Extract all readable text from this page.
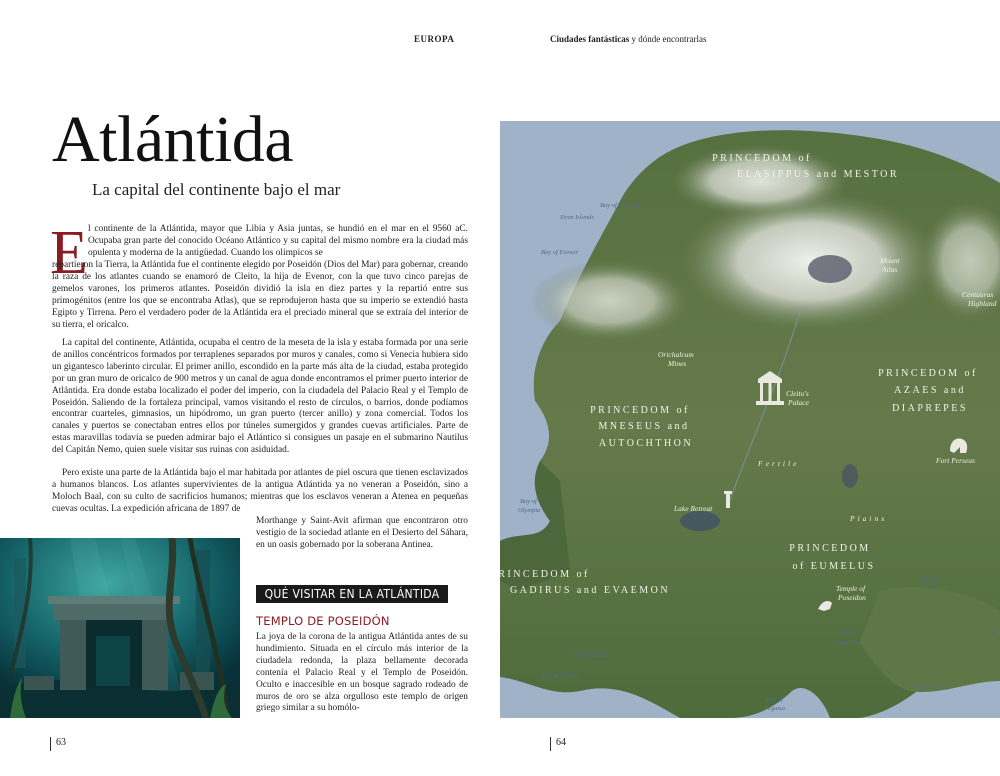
EUROPA	Ciudades fantásticas y dónde encontrarlas
Atlántida
La capital del continente bajo el mar
E l continente de la Atlántida, mayor que Libia y Asia juntas, se hundió en el mar en el 9560 aC. Ocupaba gran parte del conocido Océano Atlántico y su capital del mismo nombre era la ciudad más opulenta y moderna de la antigüedad. Cuando los olímpicos se
repartieron la Tierra, la Atlántida fue el continente elegido por Poseidón (Dios del Mar) para gobernar, creando la raza de los atlantes cuando se enamoró de Cleito, la hija de Evenor, con la que tuvo cinco parejas de gemelos varones, los primeros atlantes. Poseidón dividió la isla en diez partes y la repartió entre sus primogénitos (entre los que se encontraba Atlas), que se reprodujeron hasta que su imperio se extendió hasta Egipto y Tirrena. Pero el verdadero poder de la Atlántida era el preciado mineral que se extraía del interior de su tierra, el oricalco.
La capital del continente, Atlántida, ocupaba el centro de la meseta de la isla y estaba formada por una serie de anillos concéntricos formados por terraplenes separados por muros y canales, como si Venecia hubiera sido un gigantesco laberinto circular. El primer anillo, escondido en la parte más alta de la ciudad, estaba protegido por un gran muro de oricalco de 900 metros y un canal de agua donde encontramos el primer puerto interior de Atlántida. Era donde estaba localizado el poder del imperio, con la ciudadela del Palacio Real y el Templo de Poseidón. Saliendo de la fortaleza principal, vamos visitando el resto de círculos, o barrios, donde podíamos encontrar cuarteles, gimnasios, un hipódromo, un gran puerto (tercer anillo) y zona comercial. Todos los canales y puertos se conectaban entres ellos por túneles sumergidos y grandes cuevas artificiales. Parte de estas maravillas todavía se pueden admirar bajo el Atlántico si consigues un pasaje en el submarino Nautilus del Capitán Nemo, quien suele visitar sus ruinas con asiduidad.
Pero existe una parte de la Atlántida bajo el mar habitada por atlantes de piel oscura que tienen esclavizados a humanos blancos. Los atlantes supervivientes de la antigua Atlántida ya no veneran a Poseidón, sino a Moloch Baal, con su culto de sacrificios humanos; mientras que los esclavos veneran a Atenea en pequeñas cuevas ocultas. La expedición africana de 1897 de
Morthange y Saint-Avit afirman que encontraron otro vestigio de la sociedad atlante en el Desierto del Sáhara, en un oasis gobernado por la soberana Antinea.
QUÉ VISITAR EN LA ATLÁNTIDA
TEMPLO DE POSEIDÓN
La joya de la corona de la antigua Atlántida antes de su hundimiento. Situada en el círculo más interior de la ciudadela redonda, la plaza bellamente decorada contenía el Palacio Real y el Templo de Poseidón. Oculto e inaccesible en un bosque sagrado rodeado de muros de oro se alza orgulloso este templo de origen griego similar a su homólo-
63	64
PRINCEDOM of
ELASIPPUS and MESTOR
PRINCEDOM of
AZAES and
DIAPREPES
PRINCEDOM of
MNESEUS and
AUTOCHTHON
PRINCEDOM
of EUMELUS
PRINCEDOM of
GADIRUS and EVAEMON
Mount
Atlas
Orichalcum
Mines
Cleito's
Palace
Centaurus
Highland
Fort Perseus
Lake Retreat
Temple of
Poseidon
Fertile
Plains
Bay of Leucippe
Siren Islands
Bay of Evenor
Bay of
Olympia
Bay of Aphros
Bay of Bythos
Bay of
Poseidon
Bay of
Pegasus
Bay of
Gaia
Nereids' Cove
Poi
